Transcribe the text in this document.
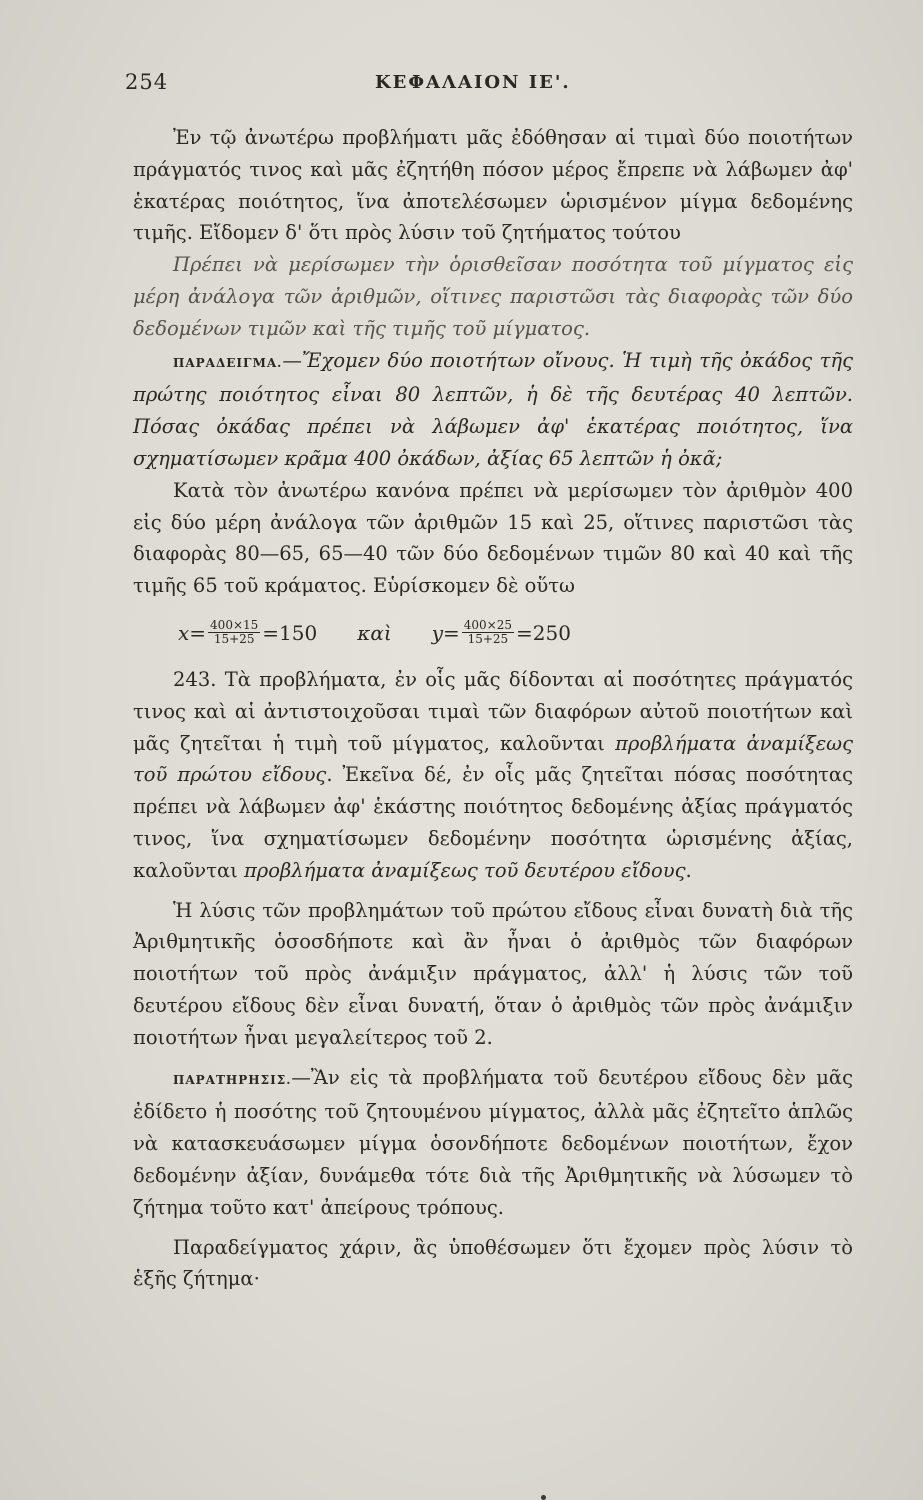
254	ΚΕΦΑΛΑΙΟΝ ΙΕ'.

Ἐν τῷ ἀνωτέρω προβλήματι μᾶς ἐδόθησαν αἱ τιμαὶ δύο ποιοτήτων πράγματός τινος καὶ μᾶς ἐζητήθη πόσον μέρος ἔπρεπε νὰ λάβωμεν ἀφ' ἑκατέρας ποιότητος, ἵνα ἀποτελέσωμεν ὡρισμένον μίγμα δεδομένης τιμῆς. Εἴδομεν δ' ὅτι πρὸς λύσιν τοῦ ζητήματος τούτου

Πρέπει νὰ μερίσωμεν τὴν ὁρισθεῖσαν ποσότητα τοῦ μίγματος εἰς μέρη ἀνάλογα τῶν ἀριθμῶν, οἵτινες παριστῶσι τὰς διαφορὰς τῶν δύο δεδομένων τιμῶν καὶ τῆς τιμῆς τοῦ μίγματος.

ΠΑΡΑΔΕΙΓΜΑ.—Ἔχομεν δύο ποιοτήτων οἴνους. Ἡ τιμὴ τῆς ὀκάδος τῆς πρώτης ποιότητος εἶναι 80 λεπτῶν, ἡ δὲ τῆς δευτέρας 40 λεπτῶν. Πόσας ὀκάδας πρέπει νὰ λάβωμεν ἀφ' ἑκατέρας ποιότητος, ἵνα σχηματίσωμεν κρᾶμα 400 ὀκάδων, ἀξίας 65 λεπτῶν ἡ ὀκᾶ;

Κατὰ τὸν ἀνωτέρω κανόνα πρέπει νὰ μερίσωμεν τὸν ἀριθμὸν 400 εἰς δύο μέρη ἀνάλογα τῶν ἀριθμῶν 15 καὶ 25, οἵτινες παριστῶσι τὰς διαφορὰς 80—65, 65—40 τῶν δύο δεδομένων τιμῶν 80 καὶ 40 καὶ τῆς τιμῆς 65 τοῦ κράματος. Εὑρίσκομεν δὲ οὕτω

$x= \frac{400\times 15}{15+25} =150$ καὶ $y= \frac{400\times 25}{15+25} =250$

243. Τὰ προβλήματα, ἐν οἷς μᾶς δίδονται αἱ ποσότητες πράγματός τινος καὶ αἱ ἀντιστοιχοῦσαι τιμαὶ τῶν διαφόρων αὐτοῦ ποιοτήτων καὶ μᾶς ζητεῖται ἡ τιμὴ τοῦ μίγματος, καλοῦνται προβλήματα ἀναμίξεως τοῦ πρώτου εἴδους. Ἐκεῖνα δέ, ἐν οἷς μᾶς ζητεῖται πόσας ποσότητας πρέπει νὰ λάβωμεν ἀφ' ἑκάστης ποιότητος δεδομένης ἀξίας πράγματός τινος, ἵνα σχηματίσωμεν δεδομένην ποσότητα ὡρισμένης ἀξίας, καλοῦνται προβλήματα ἀναμίξεως τοῦ δευτέρου εἴδους.

Ἡ λύσις τῶν προβλημάτων τοῦ πρώτου εἴδους εἶναι δυνατὴ διὰ τῆς Ἀριθμητικῆς ὁσοσδήποτε καὶ ἂν ἦναι ὁ ἀριθμὸς τῶν διαφόρων ποιοτήτων τοῦ πρὸς ἀνάμιξιν πράγματος, ἀλλ' ἡ λύσις τῶν τοῦ δευτέρου εἴδους δὲν εἶναι δυνατή, ὅταν ὁ ἀριθμὸς τῶν πρὸς ἀνάμιξιν ποιοτήτων ἦναι μεγαλείτερος τοῦ 2.

ΠΑΡΑΤΗΡΗΣΙΣ.—Ἂν εἰς τὰ προβλήματα τοῦ δευτέρου εἴδους δὲν μᾶς ἐδίδετο ἡ ποσότης τοῦ ζητουμένου μίγματος, ἀλλὰ μᾶς ἐζητεῖτο ἁπλῶς νὰ κατασκευάσωμεν μίγμα ὁσονδήποτε δεδομένων ποιοτήτων, ἔχον δεδομένην ἀξίαν, δυνάμεθα τότε διὰ τῆς Ἀριθμητικῆς νὰ λύσωμεν τὸ ζήτημα τοῦτο κατ' ἀπείρους τρόπους.

Παραδείγματος χάριν, ἂς ὑποθέσωμεν ὅτι ἔχομεν πρὸς λύσιν τὸ ἑξῆς ζήτημα·
